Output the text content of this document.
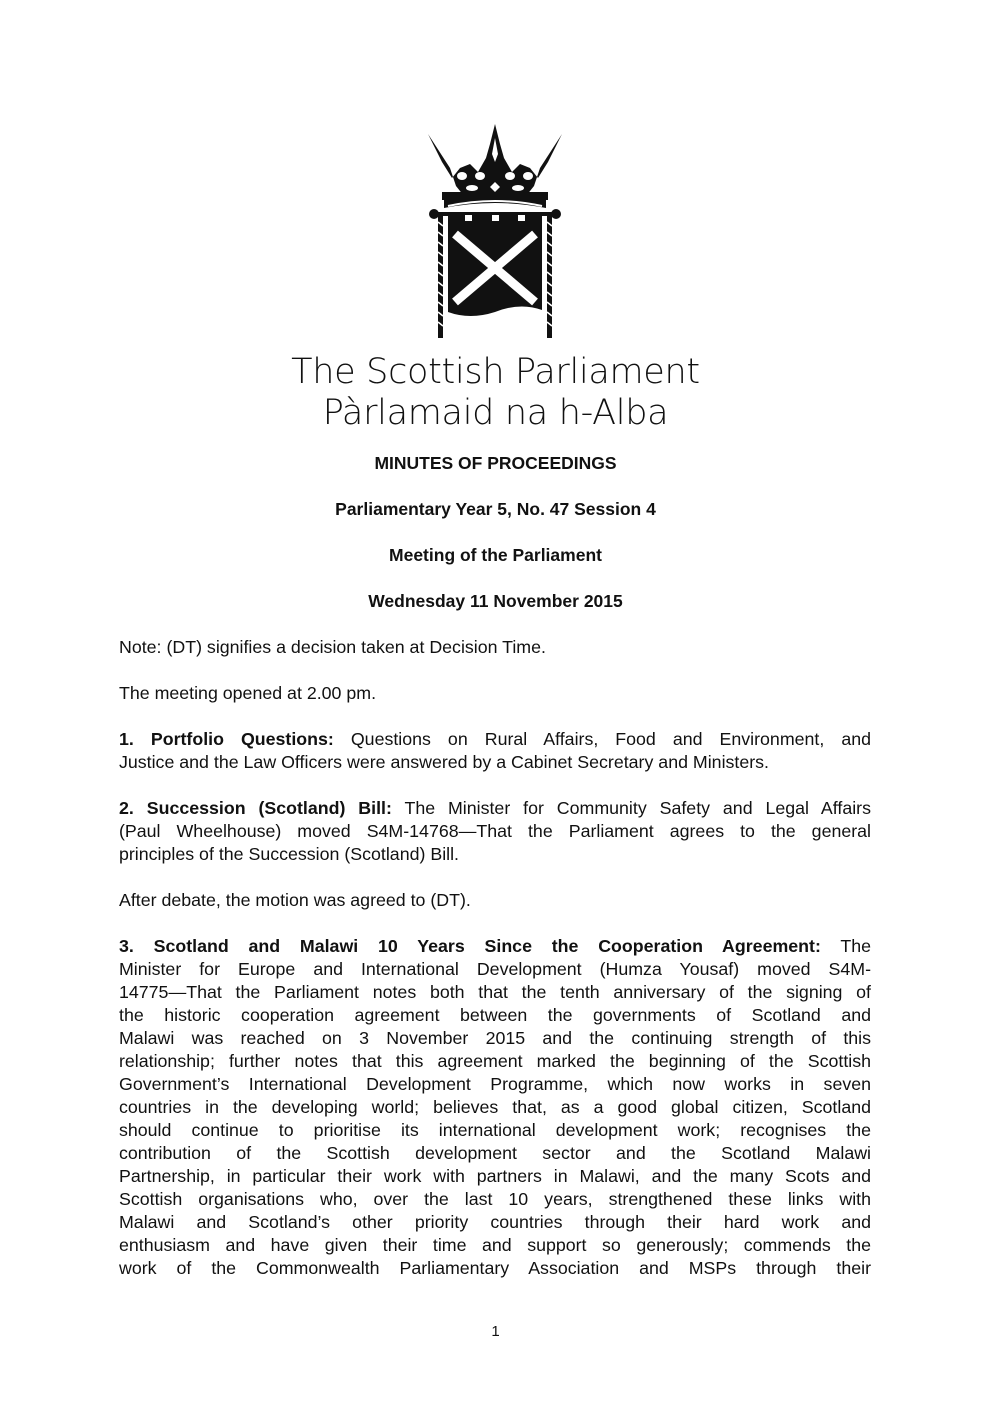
The Scottish Parliament
Pàrlamaid na h-Alba
MINUTES OF PROCEEDINGS
Parliamentary Year 5, No. 47 Session 4
Meeting of the Parliament
Wednesday 11 November 2015
Note: (DT) signifies a decision taken at Decision Time.
The meeting opened at 2.00 pm.
1. Portfolio Questions: Questions on Rural Affairs, Food and Environment, and
Justice and the Law Officers were answered by a Cabinet Secretary and Ministers.
2. Succession (Scotland) Bill: The Minister for Community Safety and Legal Affairs
(Paul Wheelhouse) moved S4M-14768—That the Parliament agrees to the general
principles of the Succession (Scotland) Bill.
After debate, the motion was agreed to (DT).
3. Scotland and Malawi 10 Years Since the Cooperation Agreement: The
Minister for Europe and International Development (Humza Yousaf) moved S4M-
14775—That the Parliament notes both that the tenth anniversary of the signing of
the historic cooperation agreement between the governments of Scotland and
Malawi was reached on 3 November 2015 and the continuing strength of this
relationship; further notes that this agreement marked the beginning of the Scottish
Government’s International Development Programme, which now works in seven
countries in the developing world; believes that, as a good global citizen, Scotland
should continue to prioritise its international development work; recognises the
contribution of the Scottish development sector and the Scotland Malawi
Partnership, in particular their work with partners in Malawi, and the many Scots and
Scottish organisations who, over the last 10 years, strengthened these links with
Malawi and Scotland’s other priority countries through their hard work and
enthusiasm and have given their time and support so generously; commends the
work of the Commonwealth Parliamentary Association and MSPs through their
1
